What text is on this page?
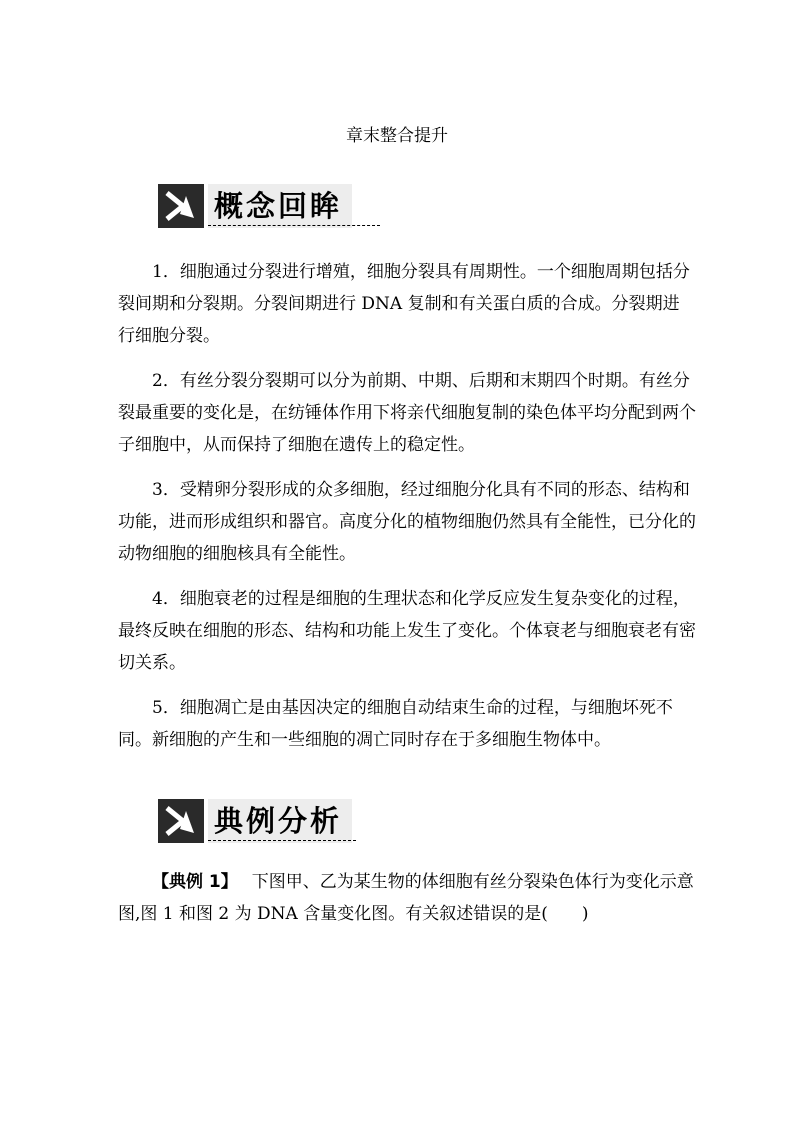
章末整合提升
概念回眸

1．细胞通过分裂进行增殖，细胞分裂具有周期性。一个细胞周期包括分裂间期和分裂期。分裂间期进行 DNA 复制和有关蛋白质的合成。分裂期进行细胞分裂。

2．有丝分裂分裂期可以分为前期、中期、后期和末期四个时期。有丝分裂最重要的变化是，在纺锤体作用下将亲代细胞复制的染色体平均分配到两个子细胞中，从而保持了细胞在遗传上的稳定性。

3．受精卵分裂形成的众多细胞，经过细胞分化具有不同的形态、结构和功能，进而形成组织和器官。高度分化的植物细胞仍然具有全能性，已分化的动物细胞的细胞核具有全能性。

4．细胞衰老的过程是细胞的生理状态和化学反应发生复杂变化的过程，最终反映在细胞的形态、结构和功能上发生了变化。个体衰老与细胞衰老有密切关系。

5．细胞凋亡是由基因决定的细胞自动结束生命的过程，与细胞坏死不同。新细胞的产生和一些细胞的凋亡同时存在于多细胞生物体中。

典例分析

【典例 1】 下图甲、乙为某生物的体细胞有丝分裂染色体行为变化示意图,图 1 和图 2 为 DNA 含量变化图。有关叙述错误的是(　　)
